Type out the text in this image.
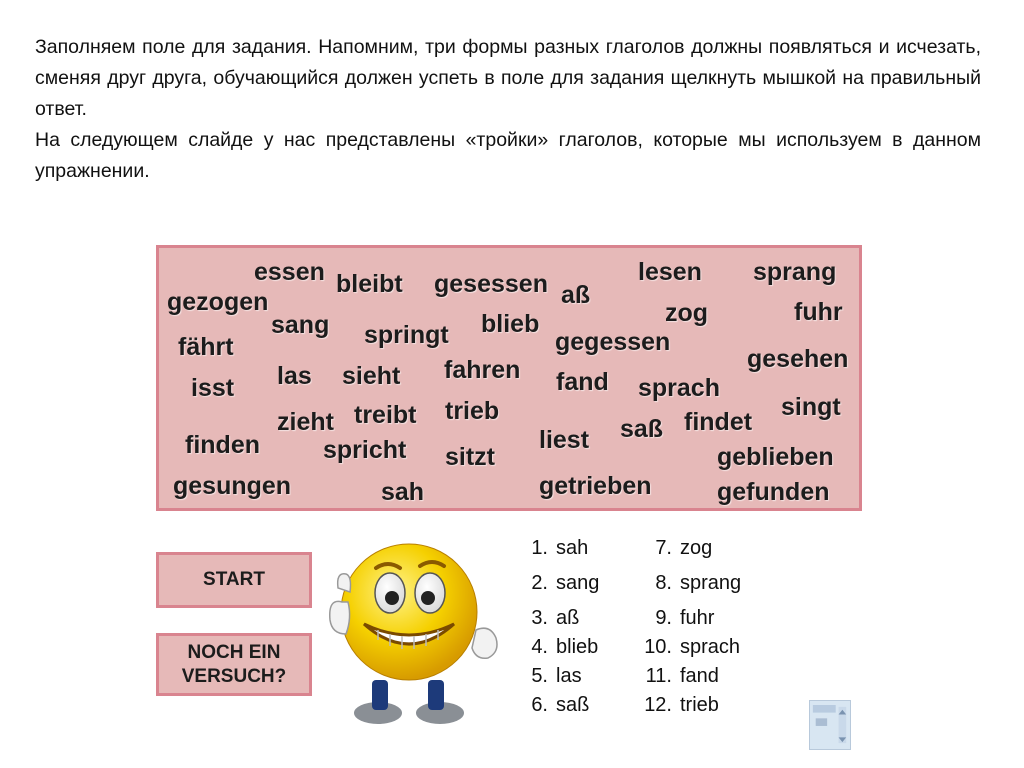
Заполняем поле для задания. Напомним, три формы разных глаголов должны появляться и исчезать, сменяя друг друга, обучающийся должен успеть в поле для задания щелкнуть мышкой на правильный ответ.

На следующем слайде у нас представлены «тройки» глаголов, которые мы используем в данном упражнении.

essen bleibt gesessen aß
lesen sprang
gezogen	zog	fuhr
sang springt blieb
gegessen
fährt	gesehen
isst las sieht fahren fand sprach
zieht treibt trieb
saß findet
singt
finden	spricht sitzt
liest
geblieben
gesungen	sah	getrieben	gefunden
START
NOCH EIN
VERSUCH?
1. sah
2. sang
3. aß
4. blieb
5. las
6. saß
7. zog
8. sprang
9. fuhr
10. sprach
11. fand
12. trieb
